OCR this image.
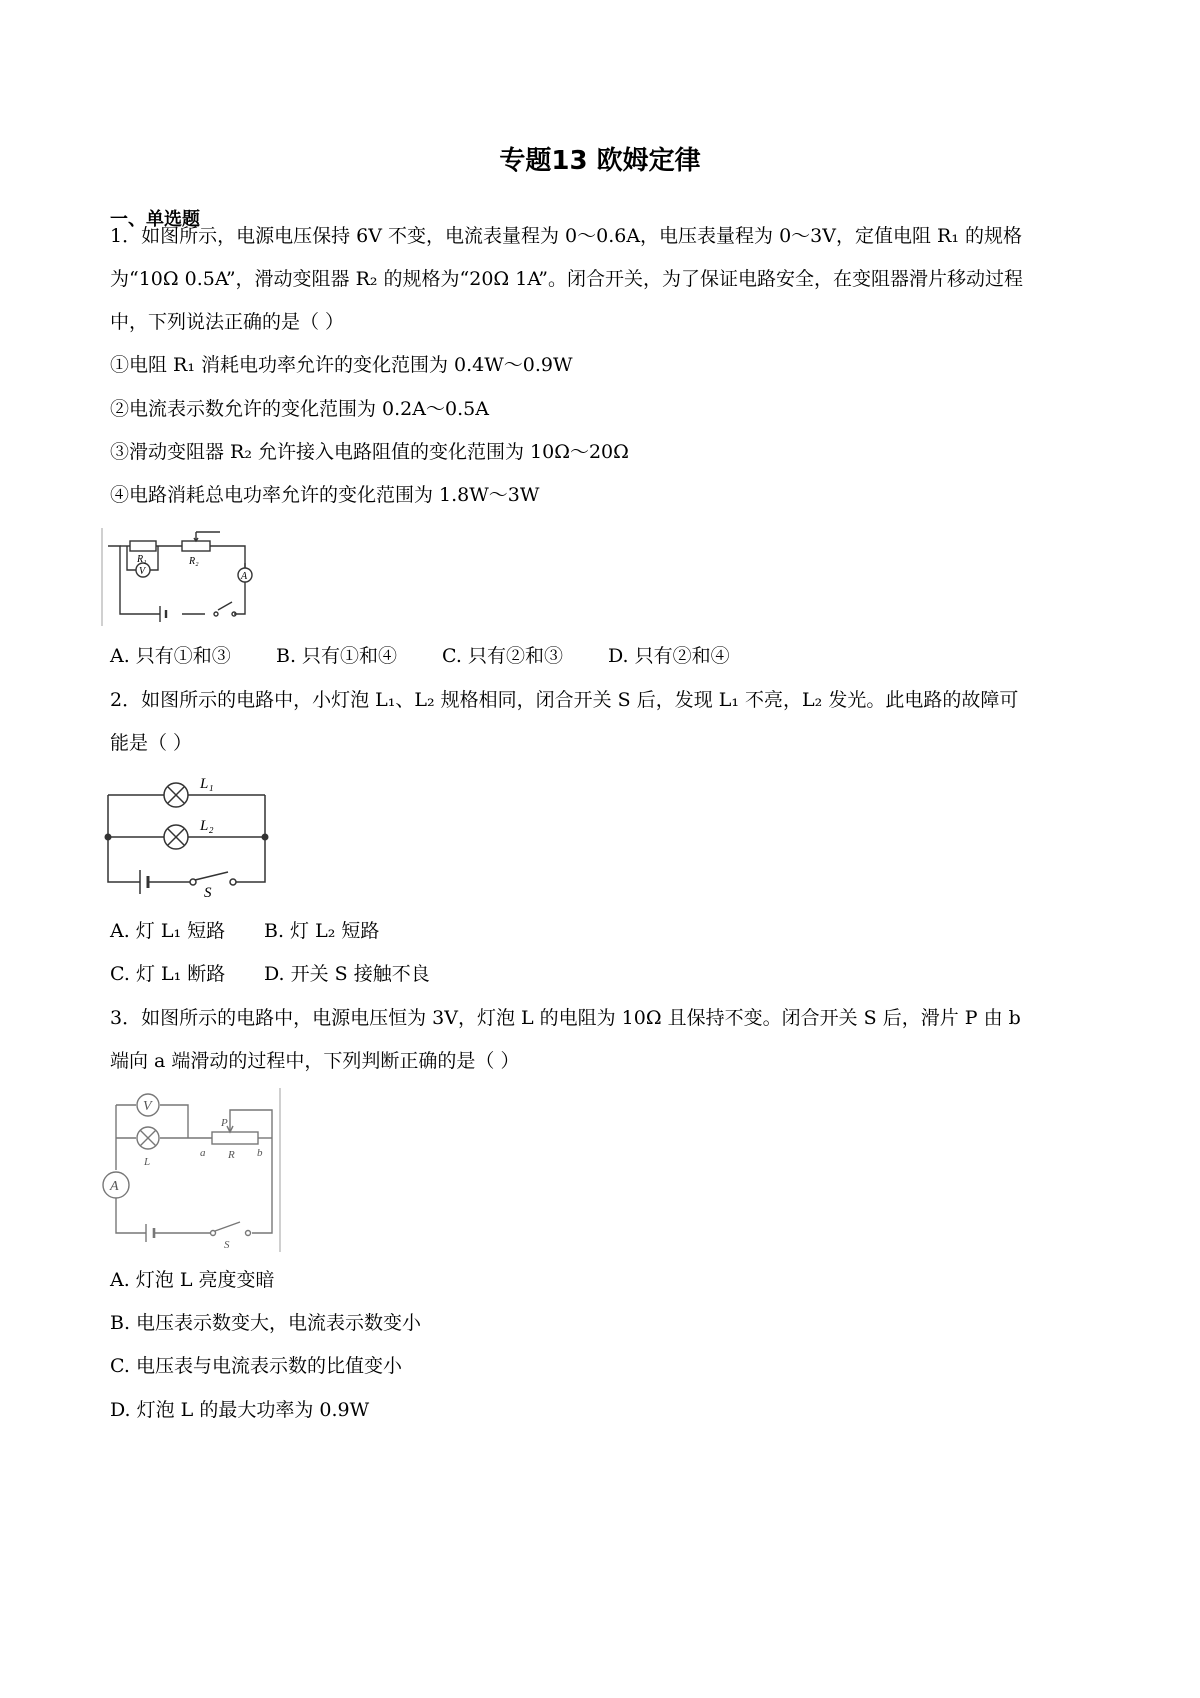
专题13 欧姆定律
一、单选题
1．如图所示，电源电压保持 6V 不变，电流表量程为 0～0.6A，电压表量程为 0～3V，定值电阻 R₁ 的规格
为“10Ω 0.5A”，滑动变阻器 R₂ 的规格为“20Ω 1A”。闭合开关，为了保证电路安全，在变阻器滑片移动过程
中，下列说法正确的是（ ）
①电阻 R₁ 消耗电功率允许的变化范围为 0.4W～0.9W
②电流表示数允许的变化范围为 0.2A～0.5A
③滑动变阻器 R₂ 允许接入电路阻值的变化范围为 10Ω～20Ω
④电路消耗总电功率允许的变化范围为 1.8W～3W
R₁	R₂
V	A
A. 只有①和③ B. 只有①和④ C. 只有②和③ D. 只有②和④
2．如图所示的电路中，小灯泡 L₁、L₂ 规格相同，闭合开关 S 后，发现 L₁ 不亮，L₂ 发光。此电路的故障可
能是（ ）
L₁
L₂
S
A. 灯 L₁ 短路 B. 灯 L₂ 短路
C. 灯 L₁ 断路 D. 开关 S 接触不良
3．如图所示的电路中，电源电压恒为 3V，灯泡 L 的电阻为 10Ω 且保持不变。闭合开关 S 后，滑片 P 由 b
端向 a 端滑动的过程中，下列判断正确的是（ ）
V
L
A
P
a R b
S
A. 灯泡 L 亮度变暗
B. 电压表示数变大，电流表示数变小
C. 电压表与电流表示数的比值变小
D. 灯泡 L 的最大功率为 0.9W
